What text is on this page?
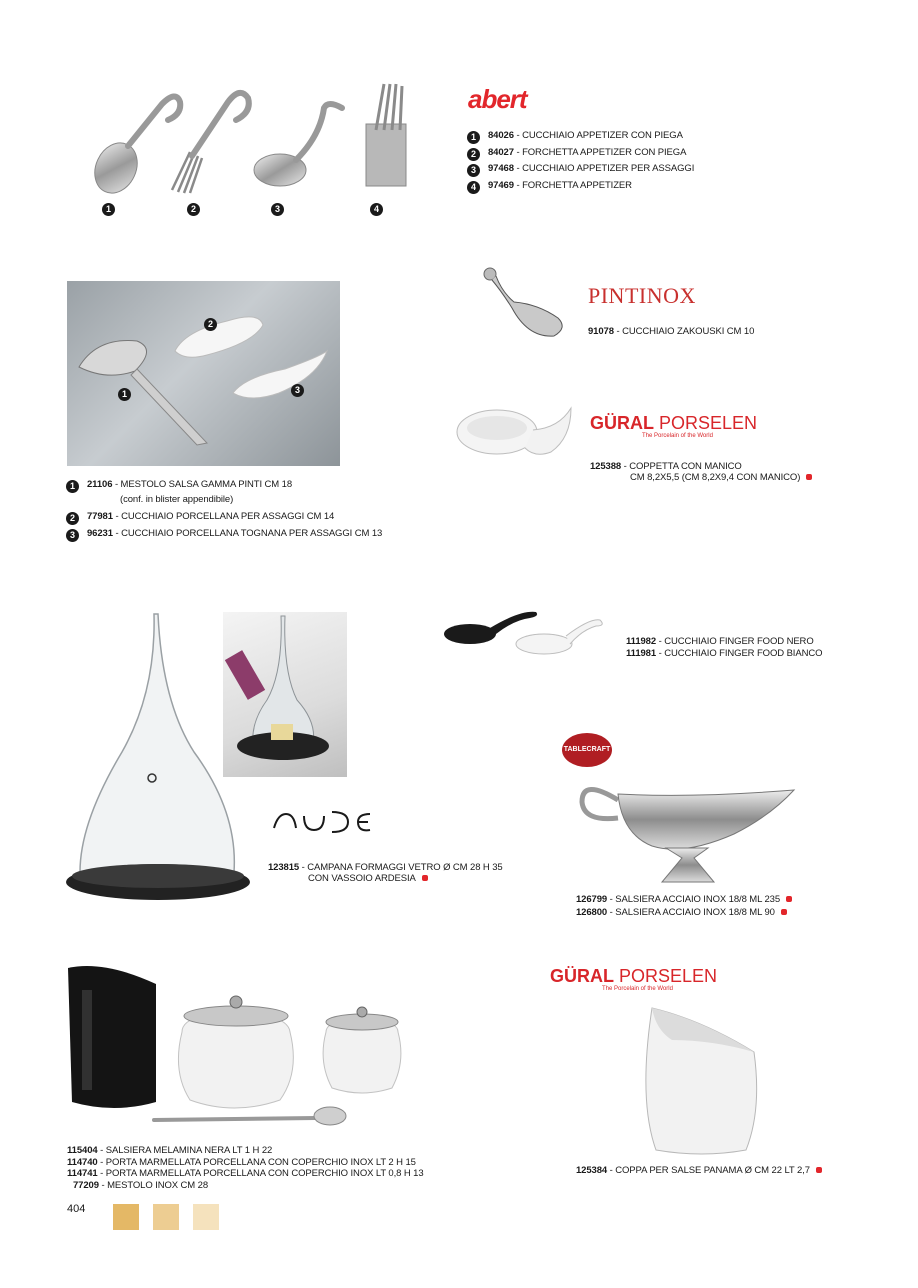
1	2	3	4
abert
1 84026 - CUCCHIAIO APPETIZER CON PIEGA
2 84027 - FORCHETTA APPETIZER CON PIEGA
3 97468 - CUCCHIAIO APPETIZER PER ASSAGGI
4 97469 - FORCHETTA APPETIZER
1
2
3
1 21106 - MESTOLO SALSA GAMMA PINTI CM 18
(conf. in blister appendibile)
2 77981 - CUCCHIAIO PORCELLANA PER ASSAGGI CM 14
3 96231 - CUCCHIAIO PORCELLANA TOGNANA PER ASSAGGI CM 13
PINTINOX
91078 - CUCCHIAIO ZAKOUSKI CM 10
GÜRAL PORSELEN
The Porcelain of the World
125388 - COPPETTA CON MANICO
CM 8,2X5,5 (CM 8,2X9,4 CON MANICO)
111982 - CUCCHIAIO FINGER FOOD NERO
111981 - CUCCHIAIO FINGER FOOD BIANCO
123815 - CAMPANA FORMAGGI VETRO Ø CM 28 H 35
CON VASSOIO ARDESIA
TABLECRAFT
126799 - SALSIERA ACCIAIO INOX 18/8 ML 235
126800 - SALSIERA ACCIAIO INOX 18/8 ML 90
115404 - SALSIERA MELAMINA NERA LT 1 H 22
114740 - PORTA MARMELLATA PORCELLANA CON COPERCHIO INOX LT 2 H 15
114741 - PORTA MARMELLATA PORCELLANA CON COPERCHIO INOX LT 0,8 H 13
77209 - MESTOLO INOX CM 28
GÜRAL PORSELEN
The Porcelain of the World
125384 - COPPA PER SALSE PANAMA Ø CM 22 LT 2,7
404
